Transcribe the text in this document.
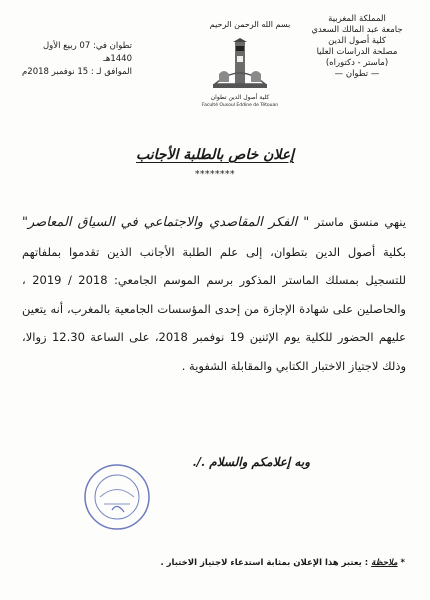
المملكة المغربية
جامعة عبد المالك السعدي
كلية أصول الدين
مصلحة الدراسات العليا
(ماستر - دكتوراه)
— تطوان —
بسم الله الرحمن الرحيم
كلية أصول الدين تطوان
Faculté Ousoul Eddine de Tétouan
تطوان في: 07 ربيع الأول 1440هـ
الموافق لـ : 15 نوفمبر 2018م
إعلان خاص بالطلبة الأجانب
********
ينهي منسق ماستر " الفكر المقاصدي والاجتماعي في السياق المعاصر" بكلية أصول الدين بتطوان، إلى علم الطلبة الأجانب الذين تقدموا بملفاتهم للتسجيل بمسلك الماستر المذكور برسم الموسم الجامعي: 2018 / 2019 ، والحاصلين على شهادة الإجازة من إحدى المؤسسات الجامعية بالمغرب، أنه يتعين عليهم الحضور للكلية يوم الإثنين 19 نوفمبر 2018، على الساعة 12.30 زوالا، وذلك لاجتياز الاختبار الكتابي والمقابلة الشفوية .
وبه إعلامكم والسلام ./.
* ملاحظة : يعتبر هذا الإعلان بمثابة استدعاء لاجتياز الاختبار .
